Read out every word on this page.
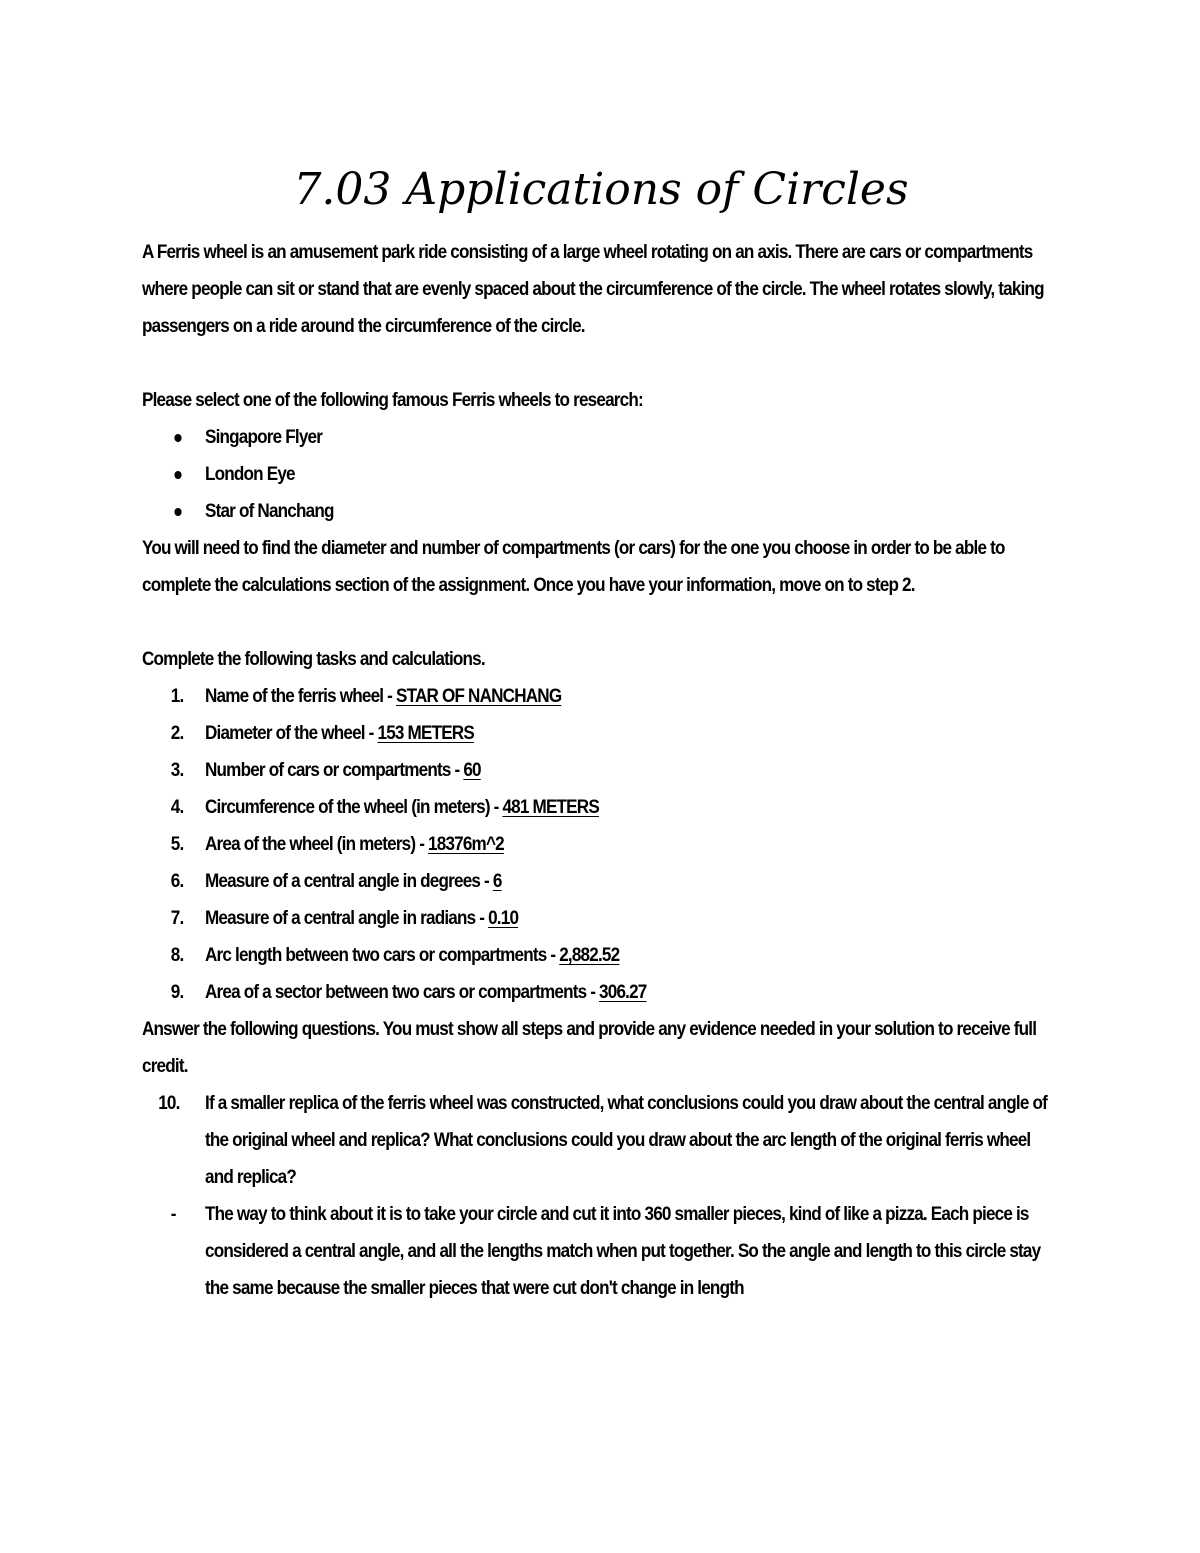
7.03 Applications of Circles

A Ferris wheel is an amusement park ride consisting of a large wheel rotating on an axis. There are cars or compartments where people can sit or stand that are evenly spaced about the circumference of the circle. The wheel rotates slowly, taking passengers on a ride around the circumference of the circle.

Please select one of the following famous Ferris wheels to research:

Singapore Flyer
London Eye
Star of Nanchang

You will need to find the diameter and number of compartments (or cars) for the one you choose in order to be able to complete the calculations section of the assignment. Once you have your information, move on to step 2.

Complete the following tasks and calculations.

1. Name of the ferris wheel - STAR OF NANCHANG
2. Diameter of the wheel - 153 METERS
3. Number of cars or compartments - 60
4. Circumference of the wheel (in meters) - 481 METERS
5. Area of the wheel (in meters) - 18376m^2
6. Measure of a central angle in degrees - 6
7. Measure of a central angle in radians - 0.10
8. Arc length between two cars or compartments - 2,882.52
9. Area of a sector between two cars or compartments - 306.27

Answer the following questions. You must show all steps and provide any evidence needed in your solution to receive full credit.

10. If a smaller replica of the ferris wheel was constructed, what conclusions could you draw about the central angle of the original wheel and replica? What conclusions could you draw about the arc length of the original ferris wheel and replica?
- The way to think about it is to take your circle and cut it into 360 smaller pieces, kind of like a pizza. Each piece is considered a central angle, and all the lengths match when put together. So the angle and length to this circle stay the same because the smaller pieces that were cut don't change in length
